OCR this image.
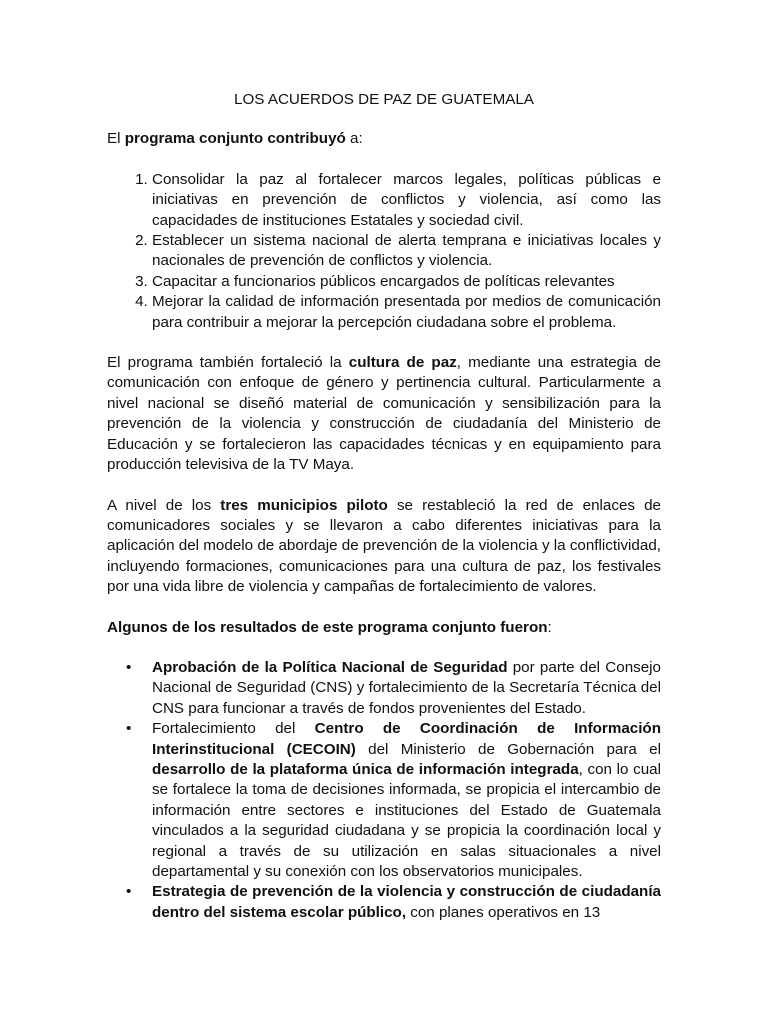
LOS ACUERDOS DE PAZ DE GUATEMALA

El programa conjunto contribuyó a:

1. Consolidar la paz al fortalecer marcos legales, políticas públicas e iniciativas en prevención de conflictos y violencia, así como las capacidades de instituciones Estatales y sociedad civil.
2. Establecer un sistema nacional de alerta temprana e iniciativas locales y nacionales de prevención de conflictos y violencia.
3. Capacitar a funcionarios públicos encargados de políticas relevantes
4. Mejorar la calidad de información presentada por medios de comunicación para contribuir a mejorar la percepción ciudadana sobre el problema.

El programa también fortaleció la cultura de paz, mediante una estrategia de comunicación con enfoque de género y pertinencia cultural. Particularmente a nivel nacional se diseñó material de comunicación y sensibilización para la prevención de la violencia y construcción de ciudadanía del Ministerio de Educación y se fortalecieron las capacidades técnicas y en equipamiento para producción televisiva de la TV Maya.

A nivel de los tres municipios piloto se restableció la red de enlaces de comunicadores sociales y se llevaron a cabo diferentes iniciativas para la aplicación del modelo de abordaje de prevención de la violencia y la conflictividad, incluyendo formaciones, comunicaciones para una cultura de paz, los festivales por una vida libre de violencia y campañas de fortalecimiento de valores.

Algunos de los resultados de este programa conjunto fueron:

• Aprobación de la Política Nacional de Seguridad por parte del Consejo Nacional de Seguridad (CNS) y fortalecimiento de la Secretaría Técnica del CNS para funcionar a través de fondos provenientes del Estado.
• Fortalecimiento del Centro de Coordinación de Información Interinstitucional (CECOIN) del Ministerio de Gobernación para el desarrollo de la plataforma única de información integrada, con lo cual se fortalece la toma de decisiones informada, se propicia el intercambio de información entre sectores e instituciones del Estado de Guatemala vinculados a la seguridad ciudadana y se propicia la coordinación local y regional a través de su utilización en salas situacionales a nivel departamental y su conexión con los observatorios municipales.
• Estrategia de prevención de la violencia y construcción de ciudadanía dentro del sistema escolar público, con planes operativos en 13
